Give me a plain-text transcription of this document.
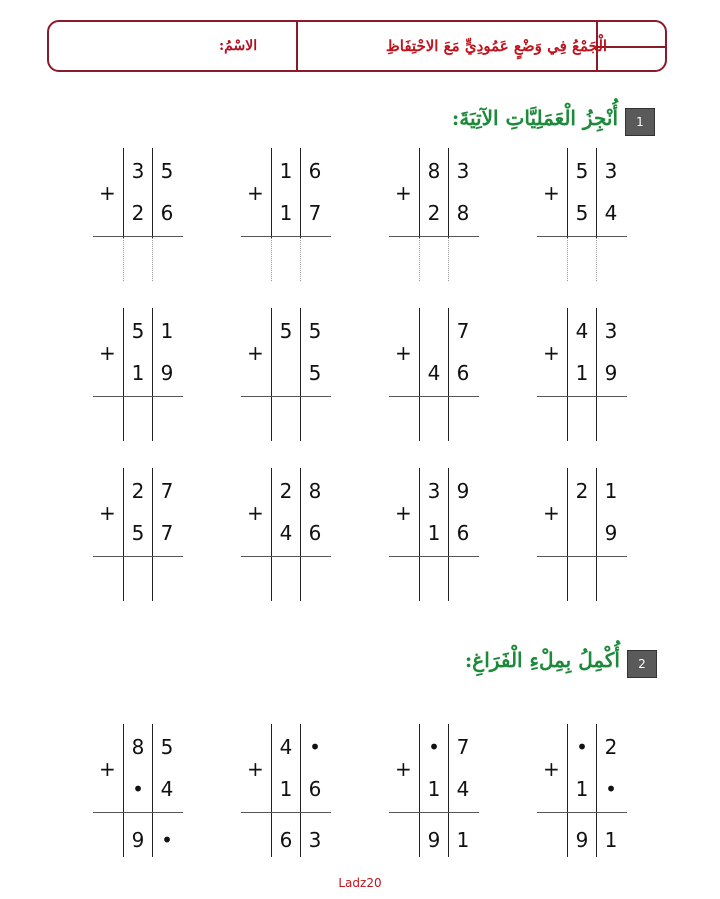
الْجَمْعُ فِي وَضْعٍ عَمُودِيٍّ مَعَ الاحْتِفَاظِ
الاسْمُ:
1
أُنْجِزُ الْعَمَلِيَّاتِ الآتِيَةَ:
2
أُكْمِلُ بِمِلْءِ الْفَرَاغِ:
+
3 5
2 6
+
1 6
1 7
+
8 3
2 8
+
5 3
5 4
+
5 1
1 9
+
5 5
5
+
7
4 6
+
4 3
1 9
+
2 7
5 7
+
2 8
4 6
+
3 9
1 6
+
2 1
9
+
8 5
• 4
9 •
+
4 •
1 6
6 3
+
• 7
1 4
9 1
+
• 2
1 •
9 1
Ladz20
